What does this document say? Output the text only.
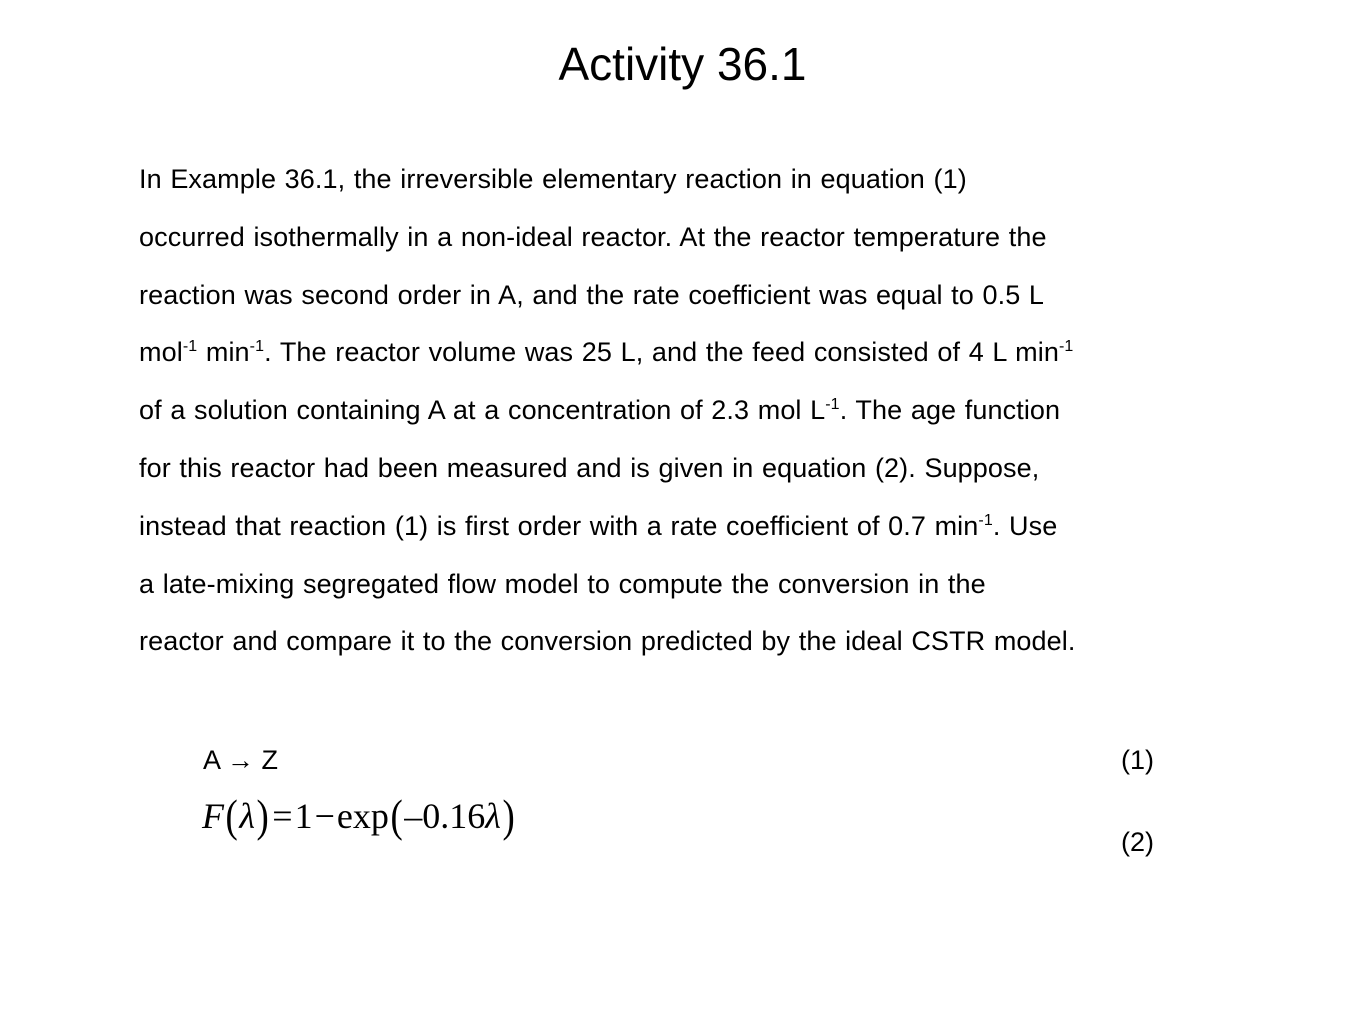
Activity 36.1
In Example 36.1, the irreversible elementary reaction in equation (1)
occurred isothermally in a non-ideal reactor. At the reactor temperature the
reaction was second order in A, and the rate coefficient was equal to 0.5 L
mol$^{-1}$ $\min^{-1}$. The reactor volume was 25 L, and the feed consisted of 4 L $\min^{-1}$
of a solution containing A at a concentration of 2.3 mol $L^{-1}$. The age function
for this reactor had been measured and is given in equation (2). Suppose,
instead that reaction (1) is first order with a rate coefficient of 0.7 $\min^{-1}$. Use
a late-mixing segregated flow model to compute the conversion in the
reactor and compare it to the conversion predicted by the ideal CSTR model.
A → Z	(1)
F(λ)=1−exp(–0.16λ)
(2)
